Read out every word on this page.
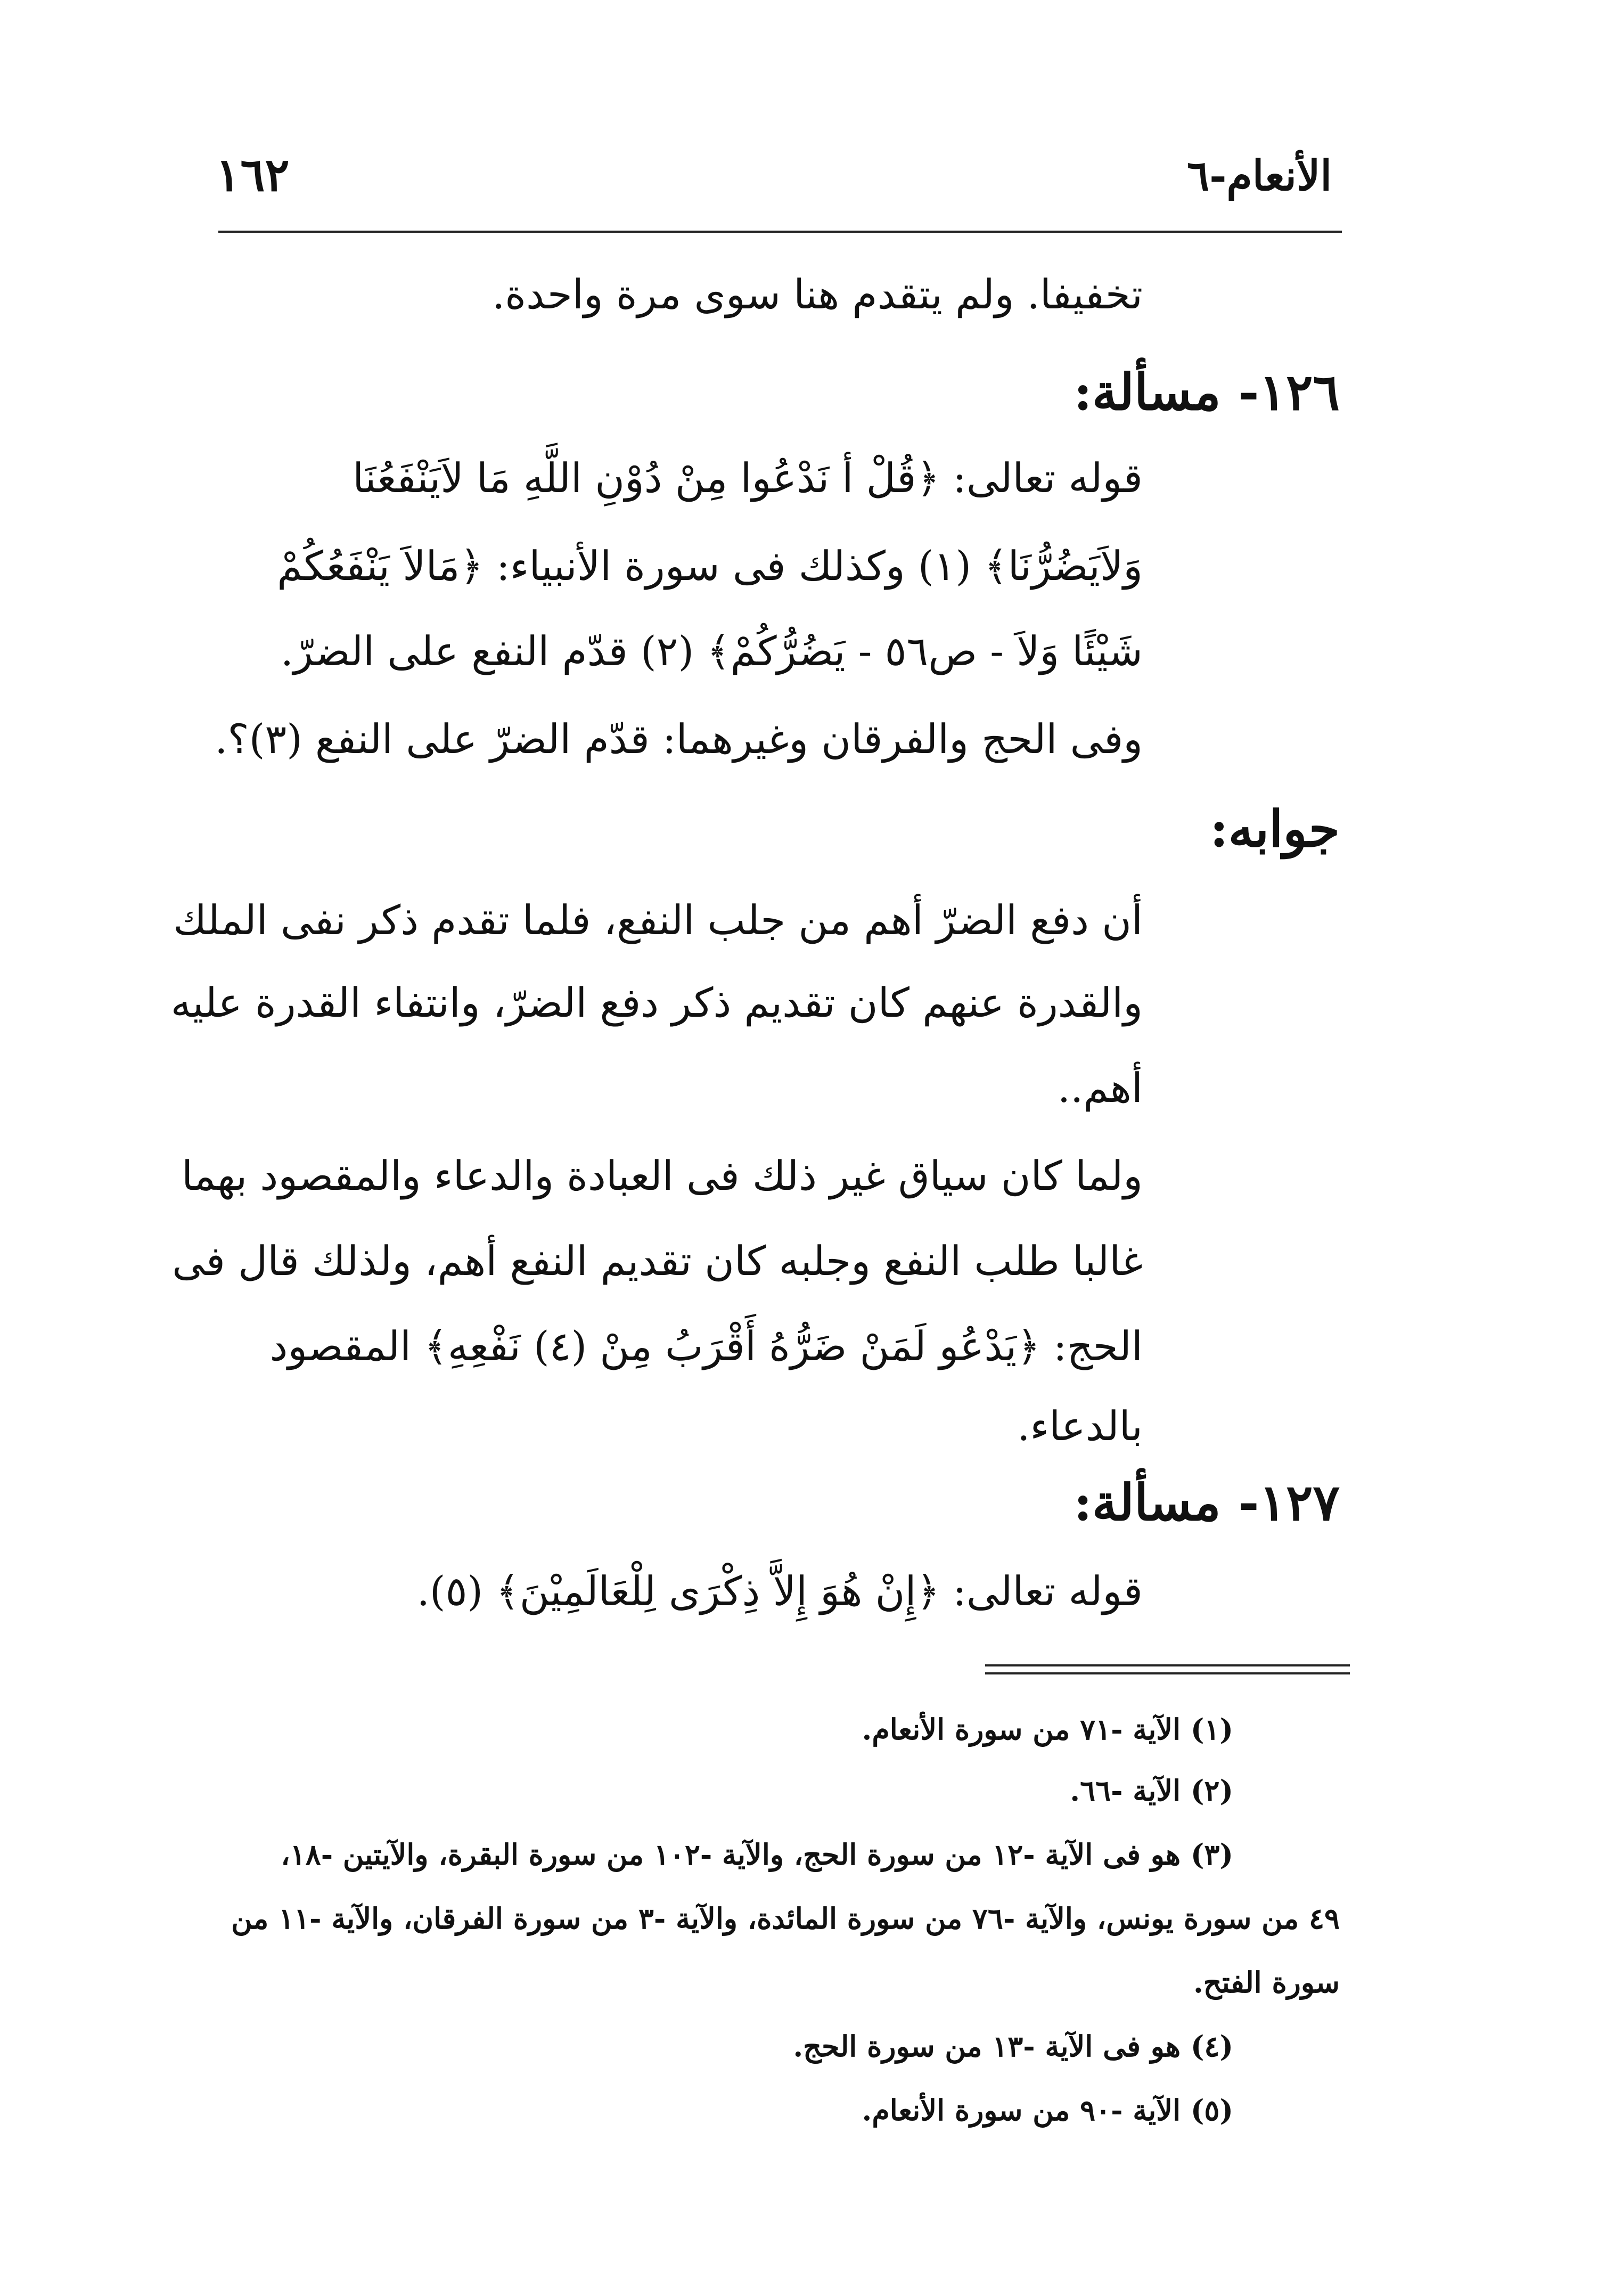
الأنعام-٦
١٦٢
تخفيفا. ولم يتقدم هنا سوى مرة واحدة.
١٢٦- مسألة:
قوله تعالى: ﴿قُلْ أ نَدْعُوا مِنْ دُوْنِ اللَّهِ مَا لاَيَنْفَعُنَا
وَلاَيَضُرُّنَا﴾ (١) وكذلك فى سورة الأنبياء: ﴿مَالاَ يَنْفَعُكُمْ
شَيْئًا وَلاَ - ص٥٦ - يَضُرُّكُمْ﴾ (٢) قدّم النفع على الضرّ.
وفى الحج والفرقان وغيرهما: قدّم الضرّ على النفع (٣)؟.
جوابه:
أن دفع الضرّ أهم من جلب النفع، فلما تقدم ذكر نفى الملك
والقدرة عنهم كان تقديم ذكر دفع الضرّ، وانتفاء القدرة عليه
أهم..
ولما كان سياق غير ذلك فى العبادة والدعاء والمقصود بهما
غالبا طلب النفع وجلبه كان تقديم النفع أهم، ولذلك قال فى
الحج: ﴿يَدْعُو لَمَنْ ضَرُّهُ أَقْرَبُ مِنْ (٤) نَفْعِهِ﴾ المقصود
بالدعاء.
١٢٧- مسألة:
قوله تعالى: ﴿إِنْ هُوَ إِلاَّ ذِكْرَى لِلْعَالَمِيْنَ﴾ (٥).
(١) الآية -٧١ من سورة الأنعام.
(٢) الآية -٦٦.
(٣) هو فى الآية -١٢ من سورة الحج، والآية -١٠٢ من سورة البقرة، والآيتين -١٨،
٤٩ من سورة يونس، والآية -٧٦ من سورة المائدة، والآية -٣ من سورة الفرقان، والآية -١١ من
سورة الفتح.
(٤) هو فى الآية -١٣ من سورة الحج.
(٥) الآية -٩٠ من سورة الأنعام.
